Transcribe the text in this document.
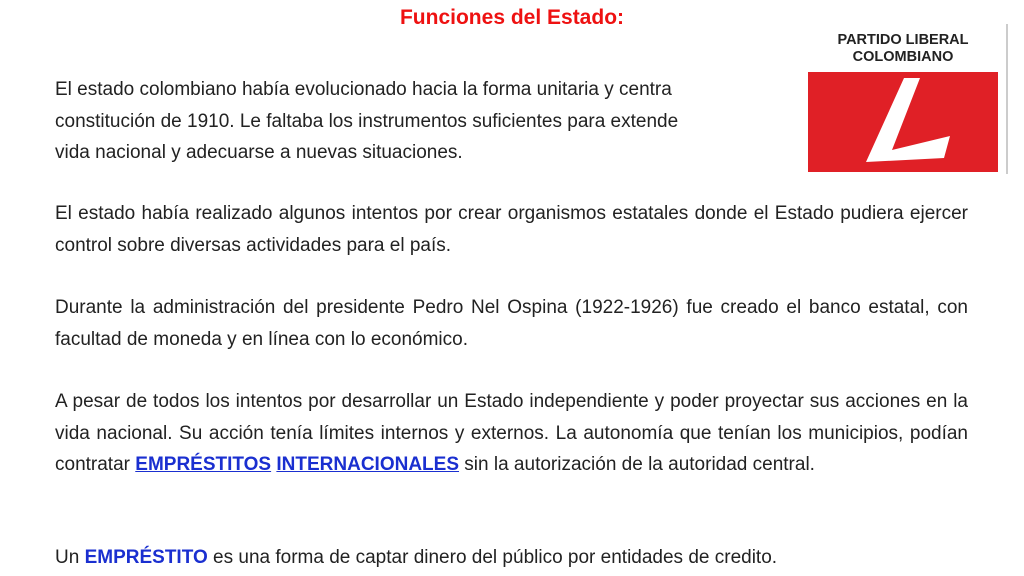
Funciones del Estado:
PARTIDO LIBERAL
COLOMBIANO

El estado colombiano había evolucionado hacia la forma unitaria y centra
constitución de 1910. Le faltaba los instrumentos suficientes para extende
vida nacional y adecuarse a nuevas situaciones.

El estado había realizado algunos intentos por crear organismos estatales donde el Estado pudiera ejercer control sobre diversas actividades para el país.

Durante la administración del presidente Pedro Nel Ospina (1922-1926) fue creado el banco estatal, con facultad de moneda y en línea con lo económico.

A pesar de todos los intentos por desarrollar un Estado independiente y poder proyectar sus acciones en la vida nacional. Su acción tenía límites internos y externos. La autonomía que tenían los municipios, podían contratar EMPRÉSTITOS INTERNACIONALES sin la autorización de la autoridad central.

Un EMPRÉSTITO es una forma de captar dinero del público por entidades de credito.
